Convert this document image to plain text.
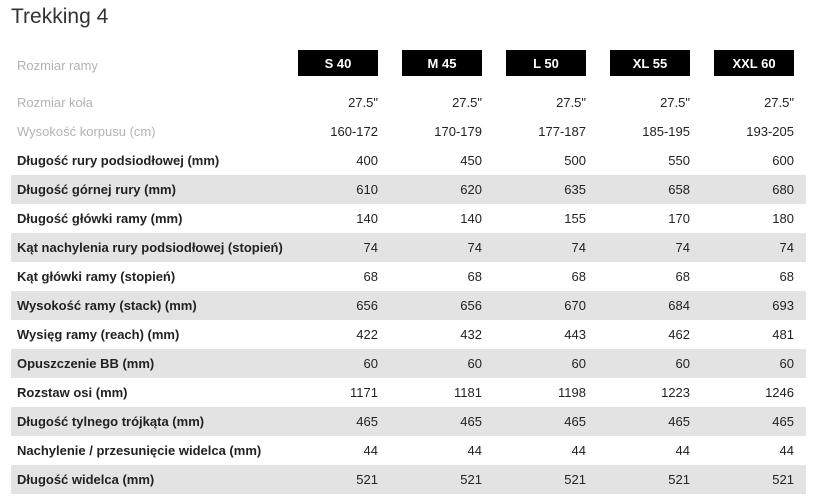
Trekking 4
Rozmiar ramy	S 40	M 45	L 50	XL 55	XXL 60
Rozmiar koła	27.5"	27.5"	27.5"	27.5"	27.5"
Wysokość korpusu (cm)	160-172	170-179	177-187	185-195	193-205
Długość rury podsiodłowej (mm)	400	450	500	550	600
Długość górnej rury (mm)	610	620	635	658	680
Długość główki ramy (mm)	140	140	155	170	180
Kąt nachylenia rury podsiodłowej (stopień)	74	74	74	74	74
Kąt główki ramy (stopień)	68	68	68	68	68
Wysokość ramy (stack) (mm)	656	656	670	684	693
Wysięg ramy (reach) (mm)	422	432	443	462	481
Opuszczenie BB (mm)	60	60	60	60	60
Rozstaw osi (mm)	1171	1181	1198	1223	1246
Długość tylnego trójkąta (mm)	465	465	465	465	465
Nachylenie / przesunięcie widelca (mm)	44	44	44	44	44
Długość widelca (mm)	521	521	521	521	521
